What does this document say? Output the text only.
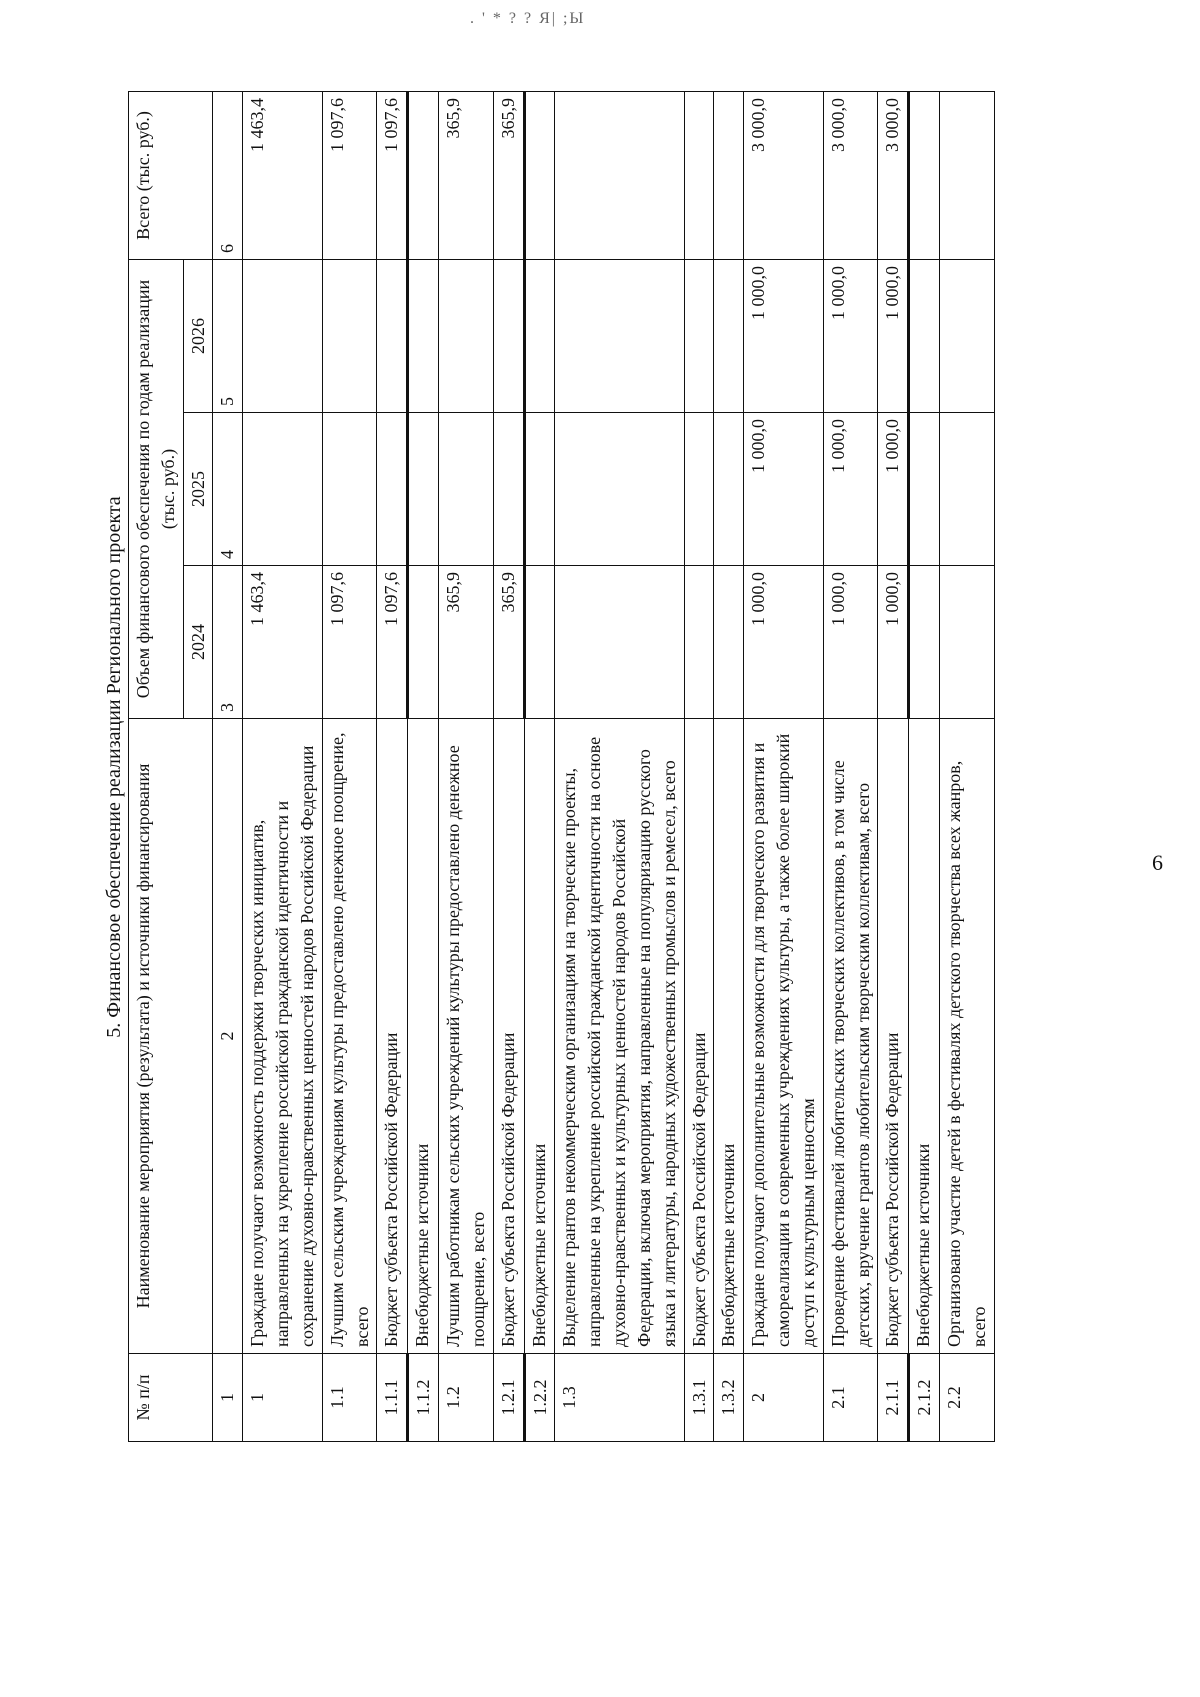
. ' * ? ? Я| ;Ы
6
5. Финансовое обеспечение реализации Регионального проекта
№ п/п	Наименование мероприятия (результата) и источники финансирования	Объем финансового обеспечения по годам реализации (тыс. руб.)			Всего (тыс. руб.)
		2024	2025	2026	
1	2	3	4	5	6
1	Граждане получают возможность поддержки творческих инициатив, направленных на укрепление российской гражданской идентичности и сохранение духовно-нравственных ценностей народов Российской Федерации	1 463,4			1 463,4
1.1	Лучшим сельским учреждениям культуры предоставлено денежное поощрение, всего	1 097,6			1 097,6
1.1.1	Бюджет субъекта Российской Федерации	1 097,6			1 097,6
1.1.2	Внебюджетные источники				
1.2	Лучшим работникам сельских учреждений культуры предоставлено денежное поощрение, всего	365,9			365,9
1.2.1	Бюджет субъекта Российской Федерации	365,9			365,9
1.2.2	Внебюджетные источники				
1.3	Выделение грантов некоммерческим организациям на творческие проекты, направленные на укрепление российской гражданской идентичности на основе духовно-нравственных и культурных ценностей народов Российской Федерации, включая мероприятия, направленные на популяризацию русского языка и литературы, народных художественных промыслов и ремесел, всего				
1.3.1	Бюджет субъекта Российской Федерации				
1.3.2	Внебюджетные источники				
2	Граждане получают дополнительные возможности для творческого развития и самореализации в современных учреждениях культуры, а также более широкий доступ к культурным ценностям	1 000,0	1 000,0	1 000,0	3 000,0
2.1	Проведение фестивалей любительских творческих коллективов, в том числе детских, вручение грантов любительским творческим коллективам, всего	1 000,0	1 000,0	1 000,0	3 000,0
2.1.1	Бюджет субъекта Российской Федерации	1 000,0	1 000,0	1 000,0	3 000,0
2.1.2	Внебюджетные источники				
2.2	Организовано участие детей в фестивалях детского творчества всех жанров, всего				
